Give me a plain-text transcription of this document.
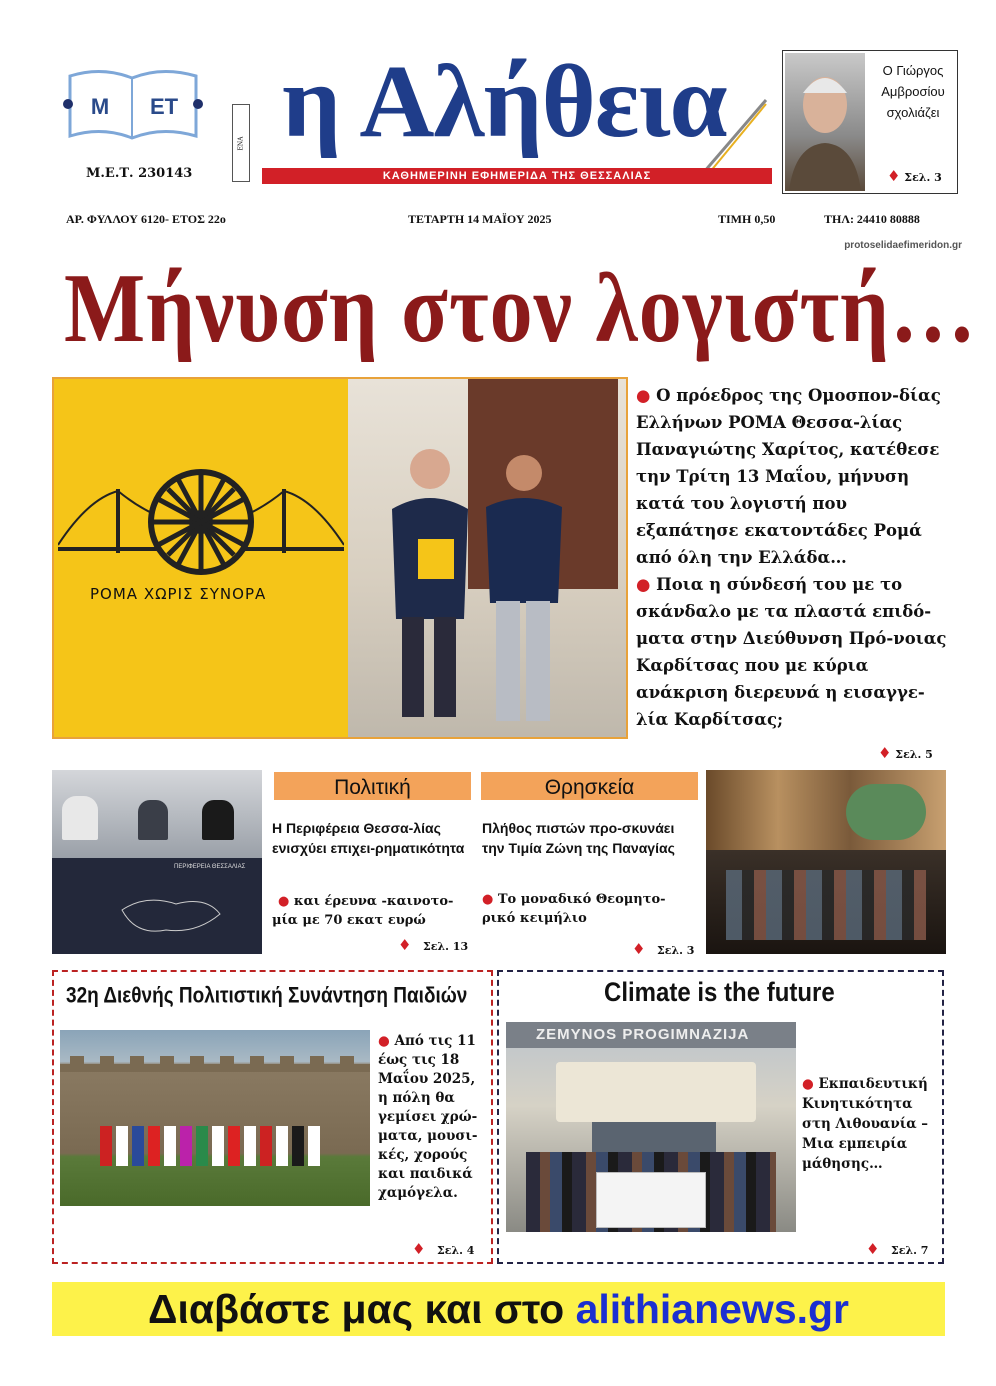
Μ ΕΤ
Μ.Ε.Τ. 230143
ΕΝΑ η Αλήθεια
ΚΑΘΗΜΕΡΙΝΗ ΕΦΗΜΕΡΙΔΑ ΤΗΣ ΘΕΣΣΑΛΙΑΣ
Ο Γιώργος Αμβροσίου σχολιάζει
♦ Σελ. 3
ΑΡ. ΦΥΛΛΟΥ 6120- ΕΤΟΣ 22ο	ΤΕΤΑΡΤΗ 14 ΜΑΪΟΥ 2025	ΤΙΜΗ 0,50	ΤΗΛ: 24410 80888
protoselidaefimeridon.gr
Μήνυση στον λογιστή…
ΡΟΜΑ ΧΩΡΙΣ ΣΥΝΟΡΑ

● Ο πρόεδρος της Ομοσπον-δίας Ελλήνων ΡΟΜΑ Θεσσα-λίας Παναγιώτης Χαρίτος, κατέθεσε την Τρίτη 13 Μαΐου, μήνυση κατά του λογιστή που εξαπάτησε εκατοντάδες Ρομά από όλη την Ελλάδα…

● Ποια η σύνδεσή του με το σκάνδαλο με τα πλαστά επιδό-ματα στην Διεύθυνση Πρό-νοιας Καρδίτσας που με κύρια ανάκριση διερευνά η εισαγγε-λία Καρδίτσας;

♦ Σελ. 5
ΠΕΡΙΦΕΡΕΙΑ ΘΕΣΣΑΛΙΑΣ
Πολιτική
Η Περιφέρεια Θεσσα-λίας ενισχύει επιχει-ρηματικότητα
● και έρευνα -καινοτο-μία με 70 εκατ ευρώ
♦ Σελ. 13
Θρησκεία
Πλήθος πιστών προ-σκυνάει την Τιμία Ζώνη της Παναγίας
● Το μοναδικό Θεομητο-ρικό κειμήλιο
♦ Σελ. 3
32η Διεθνής Πολιτιστική Συνάντηση Παιδιών
● Από τις 11 έως τις 18 Μαΐου 2025, η πόλη θα γεμίσει χρώ-ματα, μουσι-κές, χορούς και παιδικά χαμόγελα.
♦ Σελ. 4
Climate is the future
ZEMYNOS PROGIMNAZIJA
● Εκπαιδευτική Κινητικότητα στη Λιθουανία – Μια εμπειρία μάθησης…
♦ Σελ. 7
Διαβάστε μας και στο alithianews.gr
